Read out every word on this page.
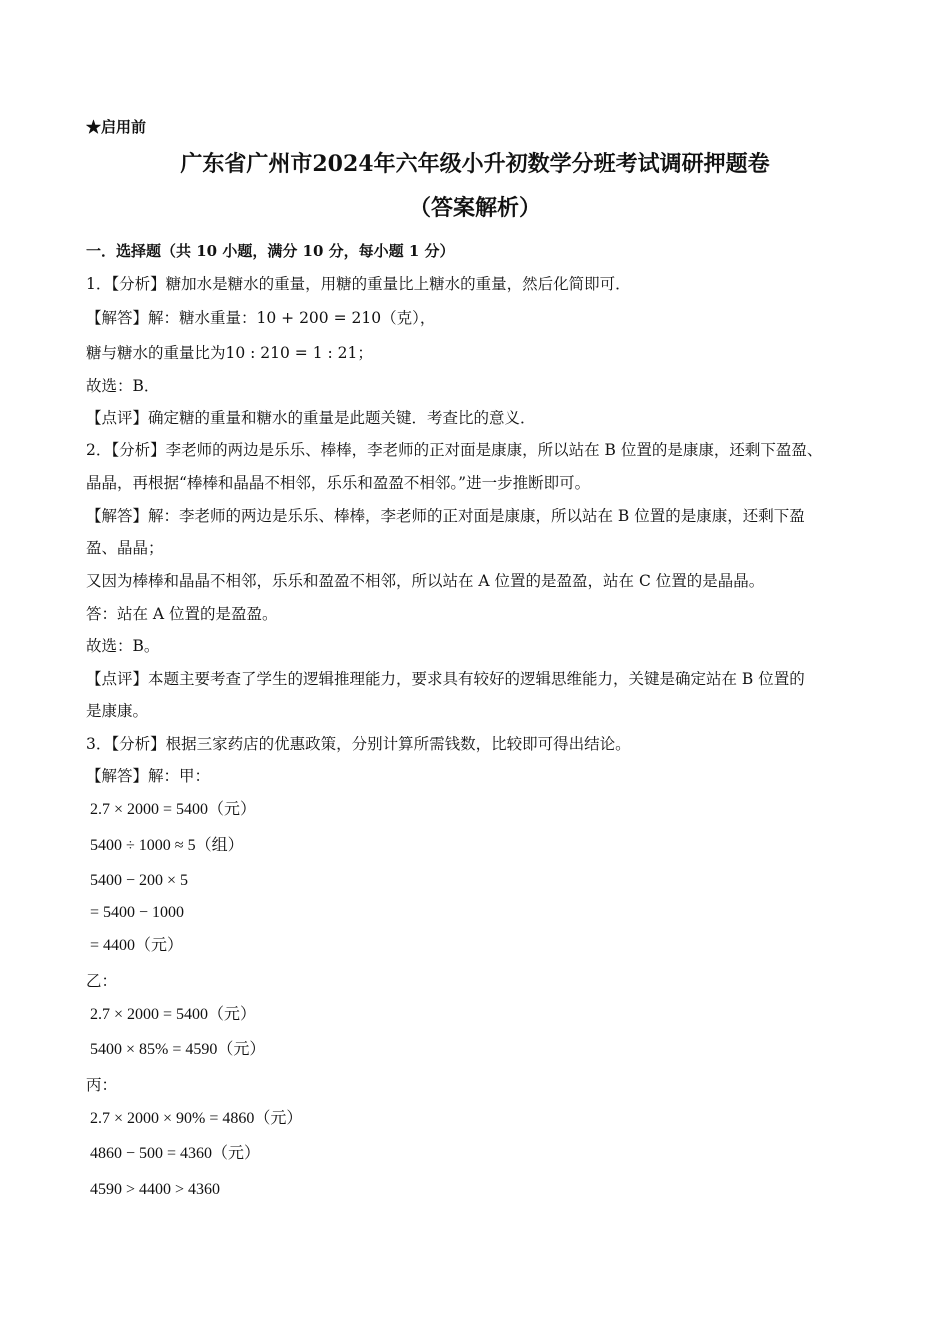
★启用前
广东省广州市2024年六年级小升初数学分班考试调研押题卷
（答案解析）
一．选择题（共 10 小题，满分 10 分，每小题 1 分）
1．【分析】糖加水是糖水的重量，用糖的重量比上糖水的重量，然后化简即可．
【解答】解：糖水重量：10 + 200 = 210（克），
糖与糖水的重量比为10 : 210 = 1 : 21；
故选：B．
【点评】确定糖的重量和糖水的重量是此题关键．考查比的意义．
2．【分析】李老师的两边是乐乐、棒棒，李老师的正对面是康康，所以站在 B 位置的是康康，还剩下盈盈、
晶晶，再根据“棒棒和晶晶不相邻，乐乐和盈盈不相邻。”进一步推断即可。
【解答】解：李老师的两边是乐乐、棒棒，李老师的正对面是康康，所以站在 B 位置的是康康，还剩下盈
盈、晶晶；
又因为棒棒和晶晶不相邻，乐乐和盈盈不相邻，所以站在 A 位置的是盈盈，站在 C 位置的是晶晶。
答：站在 A 位置的是盈盈。
故选：B。
【点评】本题主要考查了学生的逻辑推理能力，要求具有较好的逻辑思维能力，关键是确定站在 B 位置的
是康康。
3．【分析】根据三家药店的优惠政策，分别计算所需钱数，比较即可得出结论。
【解答】解：甲：
2.7 × 2000 = 5400（元）
5400 ÷ 1000 ≈ 5（组）
5400 − 200 × 5
= 5400 − 1000
= 4400（元）
乙：
2.7 × 2000 = 5400（元）
5400 × 85% = 4590（元）
丙：
2.7 × 2000 × 90% = 4860（元）
4860 − 500 = 4360（元）
4590 > 4400 > 4360
